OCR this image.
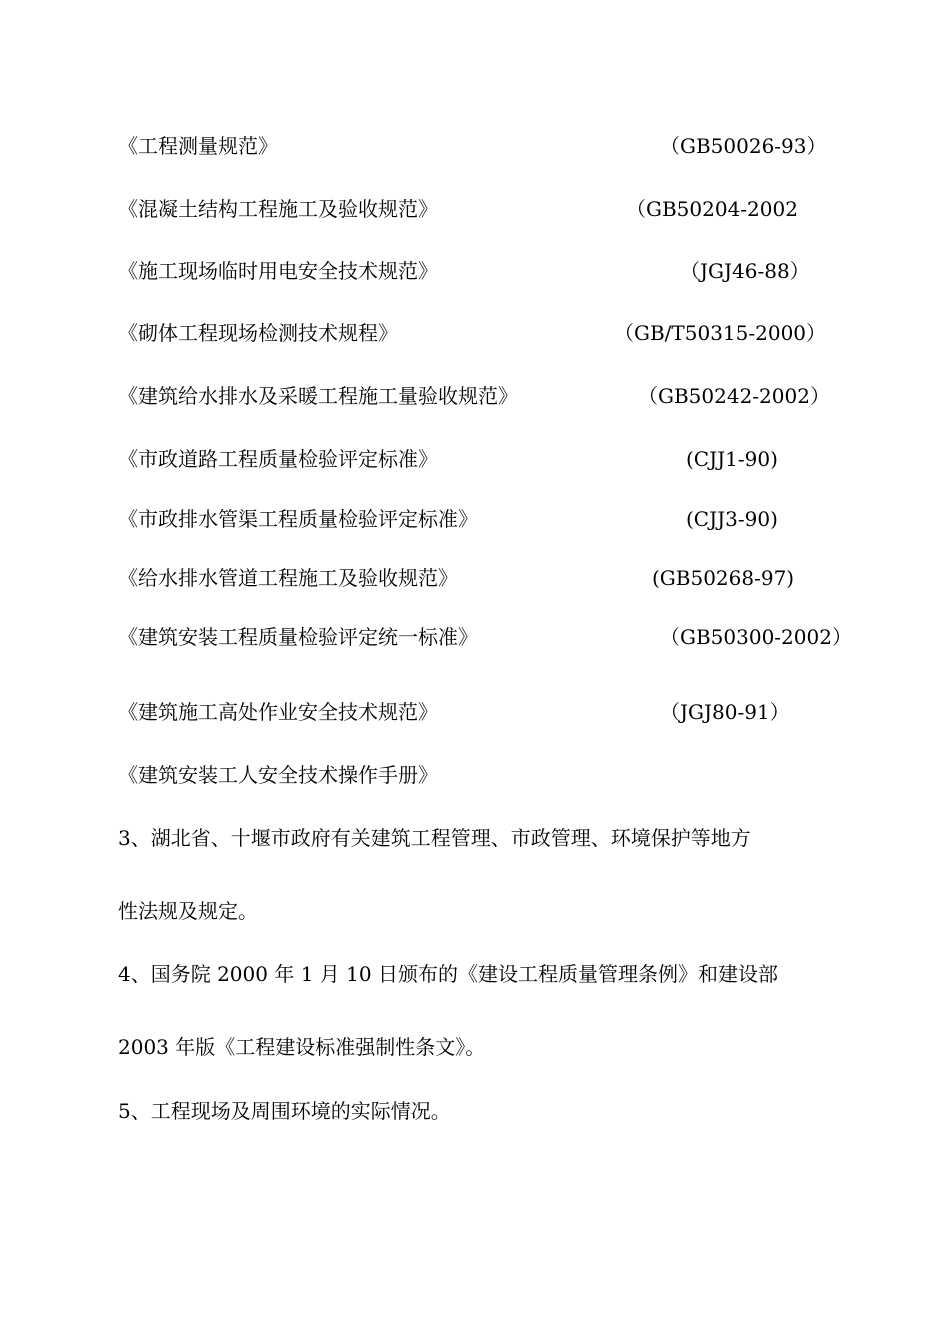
《工程测量规范》	（GB50026-93）
《混凝土结构工程施工及验收规范》	（GB50204-2002
《施工现场临时用电安全技术规范》	（JGJ46-88）
《砌体工程现场检测技术规程》	（GB/T50315-2000）
《建筑给水排水及采暖工程施工量验收规范》	（GB50242-2002）
《市政道路工程质量检验评定标准》	(CJJ1-90)
《市政排水管渠工程质量检验评定标准》	(CJJ3-90)
《给水排水管道工程施工及验收规范》	(GB50268-97)
《建筑安装工程质量检验评定统一标准》	（GB50300-2002）
《建筑施工高处作业安全技术规范》	（JGJ80-91）
《建筑安装工人安全技术操作手册》
3、湖北省、十堰市政府有关建筑工程管理、市政管理、环境保护等地方
性法规及规定。
4、国务院 2000 年 1 月 10 日颁布的《建设工程质量管理条例》和建设部
2003 年版《工程建设标准强制性条文》。
5、工程现场及周围环境的实际情况。
